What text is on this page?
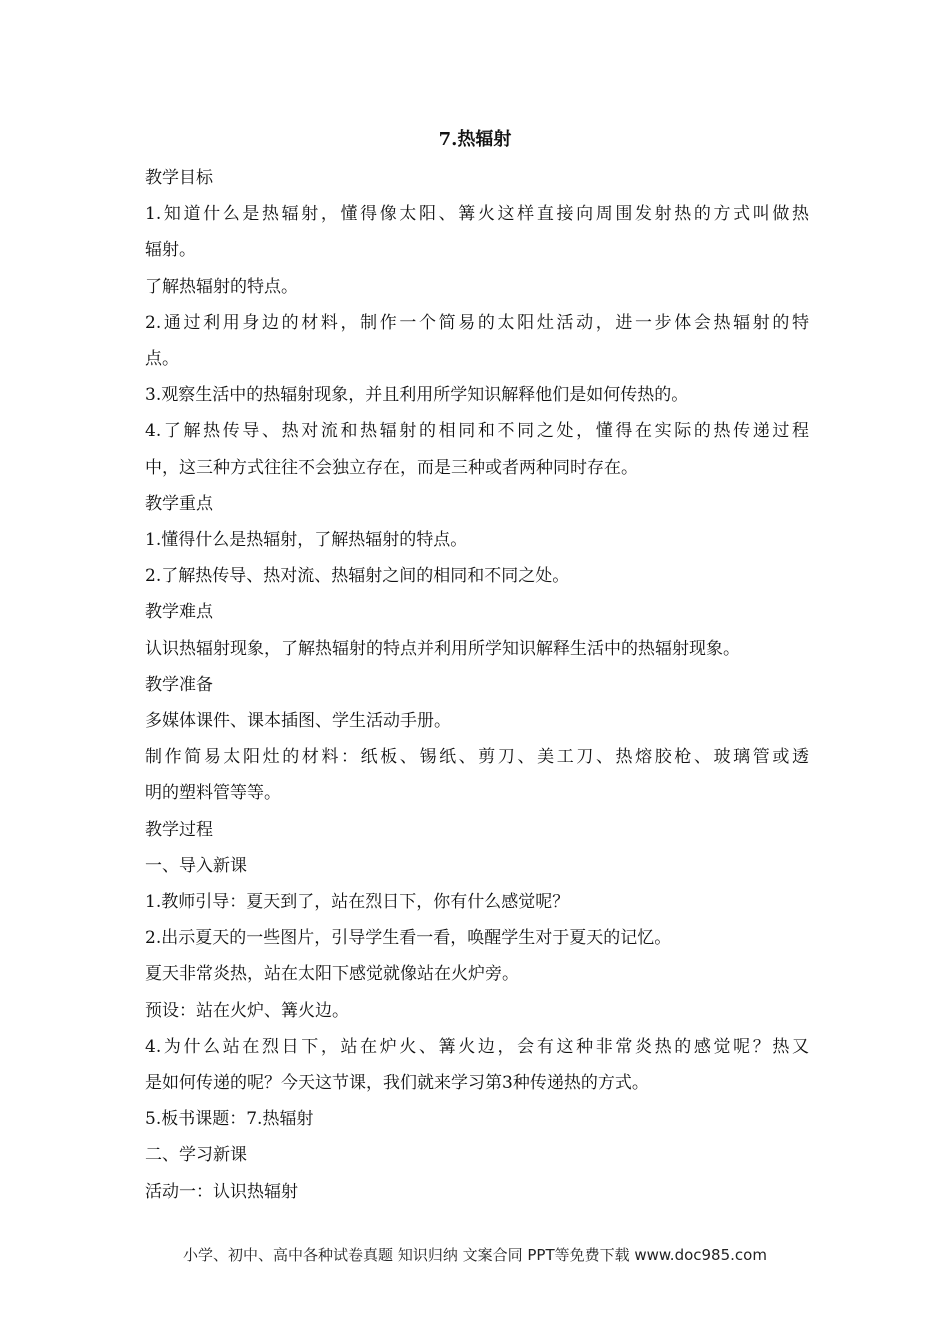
7.热辐射
教学目标
1.知道什么是热辐射，懂得像太阳、篝火这样直接向周围发射热的方式叫做热
辐射。
了解热辐射的特点。
2.通过利用身边的材料，制作一个简易的太阳灶活动，进一步体会热辐射的特
点。
3.观察生活中的热辐射现象，并且利用所学知识解释他们是如何传热的。
4.了解热传导、热对流和热辐射的相同和不同之处，懂得在实际的热传递过程
中，这三种方式往往不会独立存在，而是三种或者两种同时存在。
教学重点
1.懂得什么是热辐射，了解热辐射的特点。
2.了解热传导、热对流、热辐射之间的相同和不同之处。
教学难点
认识热辐射现象，了解热辐射的特点并利用所学知识解释生活中的热辐射现象。
教学准备
多媒体课件、课本插图、学生活动手册。
制作简易太阳灶的材料：纸板、锡纸、剪刀、美工刀、热熔胶枪、玻璃管或透
明的塑料管等等。
教学过程
一、导入新课
1.教师引导：夏天到了，站在烈日下，你有什么感觉呢？
2.出示夏天的一些图片，引导学生看一看，唤醒学生对于夏天的记忆。
夏天非常炎热，站在太阳下感觉就像站在火炉旁。
预设：站在火炉、篝火边。
4.为什么站在烈日下，站在炉火、篝火边，会有这种非常炎热的感觉呢？热又
是如何传递的呢？今天这节课，我们就来学习第3种传递热的方式。
5.板书课题：7.热辐射
二、学习新课
活动一：认识热辐射
小学、初中、高中各种试卷真题 知识归纳 文案合同 PPT等免费下载 www.doc985.com
